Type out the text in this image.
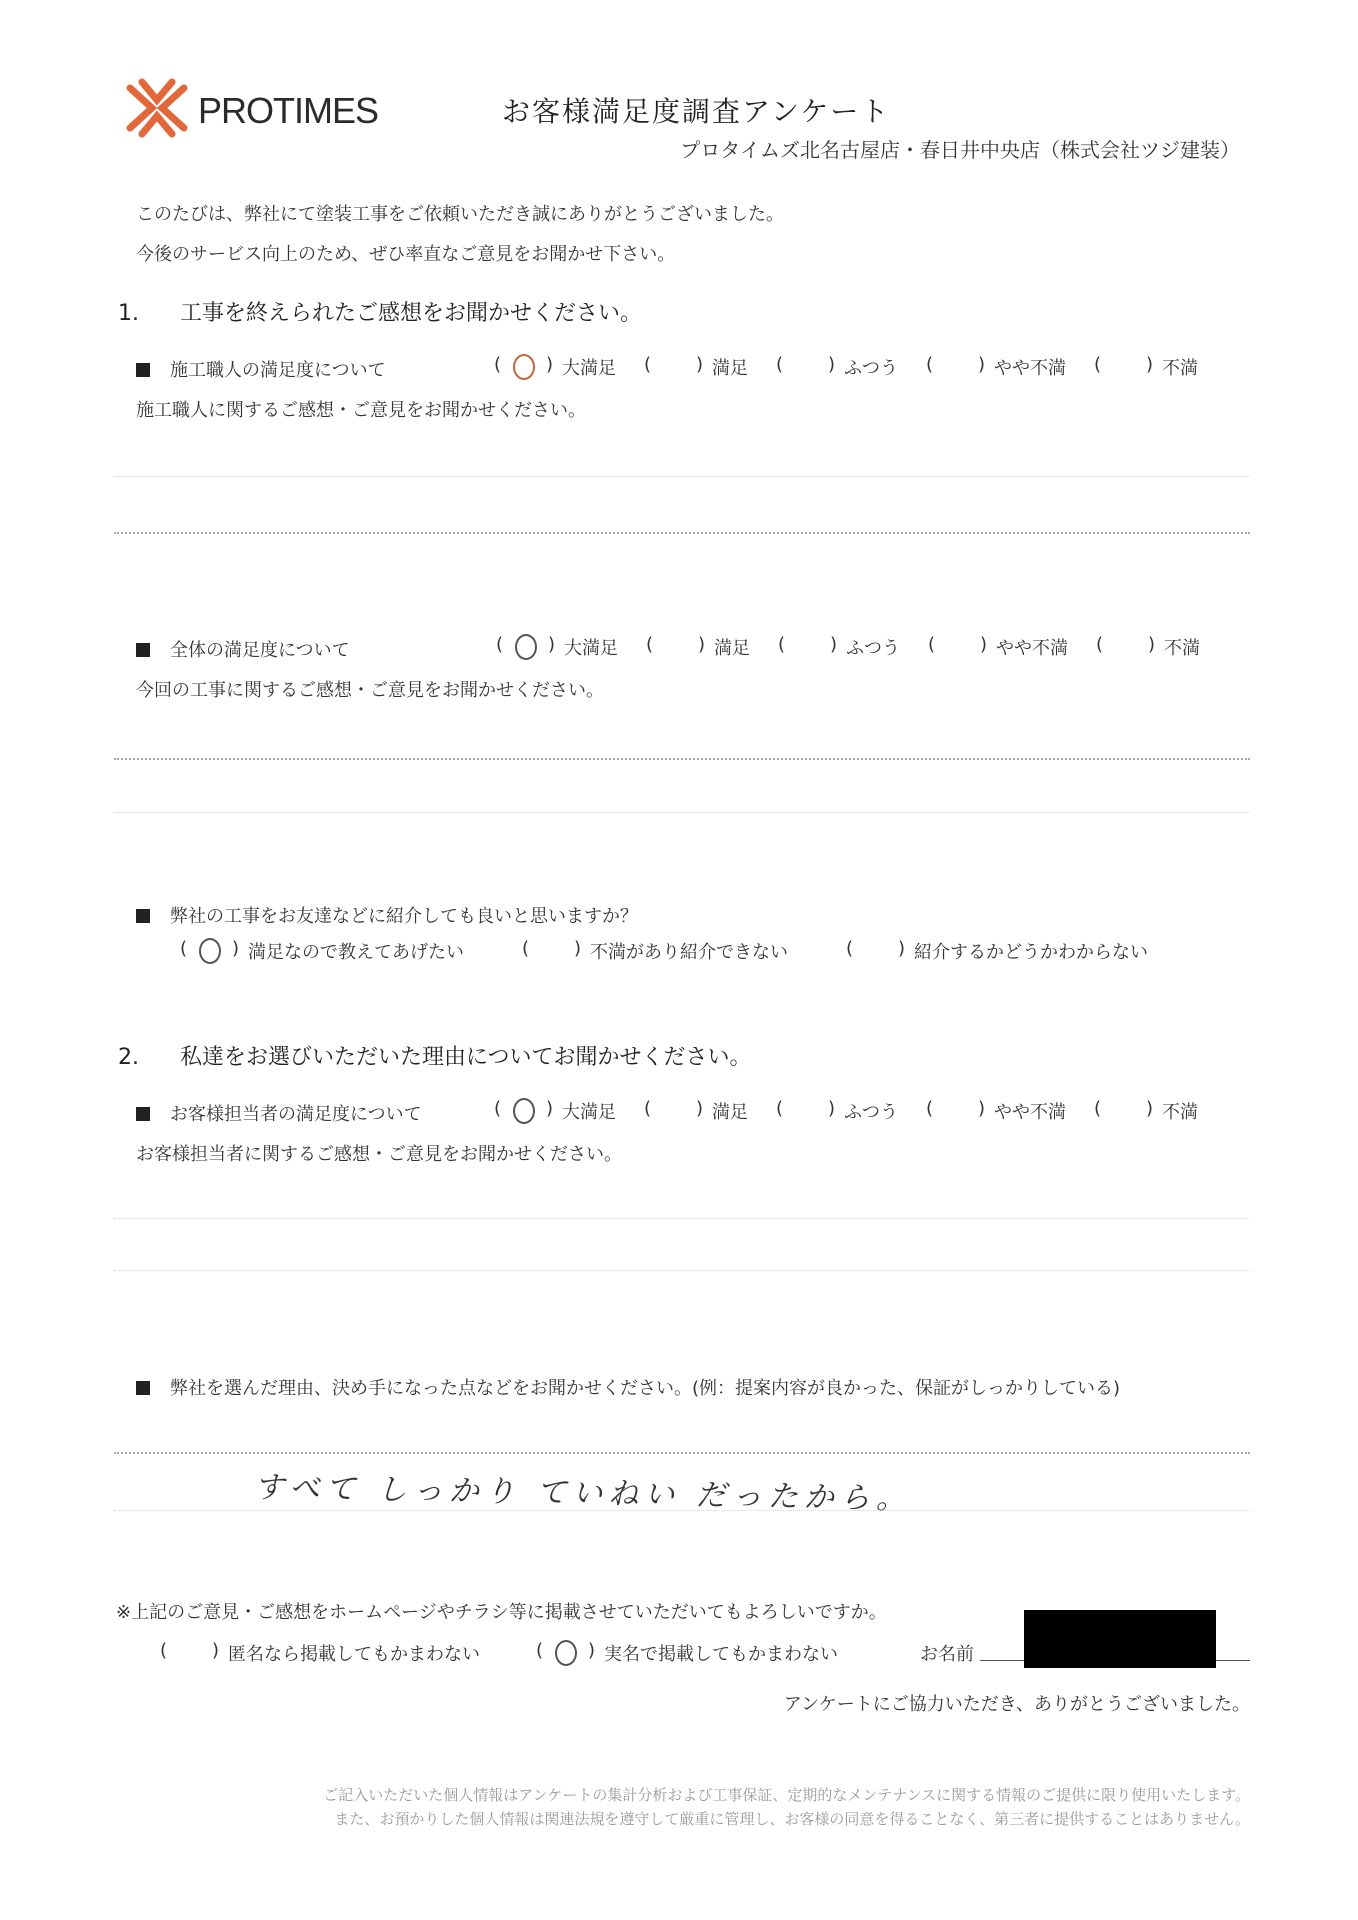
PROTIMES	お客様満足度調査アンケート
プロタイムズ北名古屋店・春日井中央店（株式会社ツジ建装）
このたびは、弊社にて塗装工事をご依頼いただき誠にありがとうございました。
今後のサービス向上のため、ぜひ率直なご意見をお聞かせ下さい。
1. 工事を終えられたご感想をお聞かせください。
施工職人の満足度について	( ○ ) 大満足 ( ) 満足 ( ) ふつう ( ) やや不満 ( ) 不満
施工職人に関するご感想・ご意見をお聞かせください。
全体の満足度について	( ○ ) 大満足 ( ) 満足 ( ) ふつう ( ) やや不満 ( ) 不満
今回の工事に関するご感想・ご意見をお聞かせください。
弊社の工事をお友達などに紹介しても良いと思いますか？
( ○ ) 満足なので教えてあげたい	( ) 不満があり紹介できない	( ) 紹介するかどうかわからない
2. 私達をお選びいただいた理由についてお聞かせください。
お客様担当者の満足度について	( ○ ) 大満足 ( ) 満足 ( ) ふつう ( ) やや不満 ( ) 不満
お客様担当者に関するご感想・ご意見をお聞かせください。
弊社を選んだ理由、決め手になった点などをお聞かせください。(例：提案内容が良かった、保証がしっかりしている)
すべて しっかり ていねい だったから。
※上記のご意見・ご感想をホームページやチラシ等に掲載させていただいてもよろしいですか。
( ) 匿名なら掲載してもかまわない	( ○ ) 実名で掲載してもかまわない	お名前
アンケートにご協力いただき、ありがとうございました。
ご記入いただいた個人情報はアンケートの集計分析および工事保証、定期的なメンテナンスに関する情報のご提供に限り使用いたします。
また、お預かりした個人情報は関連法規を遵守して厳重に管理し、お客様の同意を得ることなく、第三者に提供することはありません。
